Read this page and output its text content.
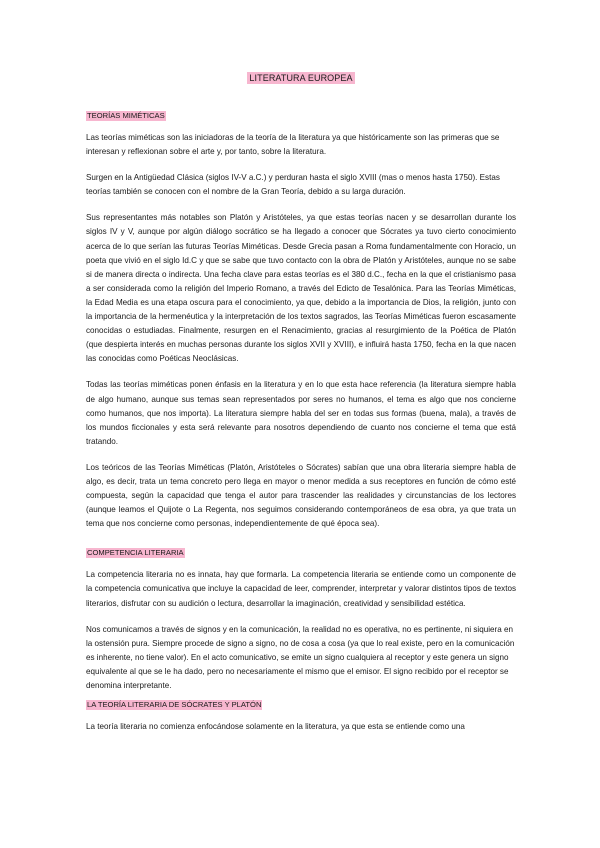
LITERATURA EUROPEA
TEORÍAS MIMÉTICAS

Las teorías miméticas son las iniciadoras de la teoría de la literatura ya que históricamente son las primeras que se interesan y reflexionan sobre el arte y, por tanto, sobre la literatura.

Surgen en la Antigüedad Clásica (siglos IV-V a.C.) y perduran hasta el siglo XVIII (mas o menos hasta 1750). Estas teorías también se conocen con el nombre de la Gran Teoría, debido a su larga duración.

Sus representantes más notables son Platón y Aristóteles, ya que estas teorías nacen y se desarrollan durante los siglos IV y V, aunque por algún diálogo socrático se ha llegado a conocer que Sócrates ya tuvo cierto conocimiento acerca de lo que serían las futuras Teorías Miméticas. Desde Grecia pasan a Roma fundamentalmente con Horacio, un poeta que vivió en el siglo Id.C y que se sabe que tuvo contacto con la obra de Platón y Aristóteles, aunque no se sabe si de manera directa o indirecta. Una fecha clave para estas teorías es el 380 d.C., fecha en la que el cristianismo pasa a ser considerada como la religión del Imperio Romano, a través del Edicto de Tesalónica. Para las Teorías Miméticas, la Edad Media es una etapa oscura para el conocimiento, ya que, debido a la importancia de Dios, la religión, junto con la importancia de la hermenéutica y la interpretación de los textos sagrados, las Teorías Miméticas fueron escasamente conocidas o estudiadas. Finalmente, resurgen en el Renacimiento, gracias al resurgimiento de la Poética de Platón (que despierta interés en muchas personas durante los siglos XVII y XVIII), e influirá hasta 1750, fecha en la que nacen las conocidas como Poéticas Neoclásicas.

Todas las teorías miméticas ponen énfasis en la literatura y en lo que esta hace referencia (la literatura siempre habla de algo humano, aunque sus temas sean representados por seres no humanos, el tema es algo que nos concierne como humanos, que nos importa). La literatura siempre habla del ser en todas sus formas (buena, mala), a través de los mundos ficcionales y esta será relevante para nosotros dependiendo de cuanto nos concierne el tema que está tratando.

Los teóricos de las Teorías Miméticas (Platón, Aristóteles o Sócrates) sabían que una obra literaria siempre habla de algo, es decir, trata un tema concreto pero llega en mayor o menor medida a sus receptores en función de cómo esté compuesta, según la capacidad que tenga el autor para trascender las realidades y circunstancias de los lectores (aunque leamos el Quijote o La Regenta, nos seguimos considerando contemporáneos de esa obra, ya que trata un tema que nos concierne como personas, independientemente de qué época sea).

COMPETENCIA LITERARIA

La competencia literaria no es innata, hay que formarla. La competencia literaria se entiende como un componente de la competencia comunicativa que incluye la capacidad de leer, comprender, interpretar y valorar distintos tipos de textos literarios, disfrutar con su audición o lectura, desarrollar la imaginación, creatividad y sensibilidad estética.

Nos comunicamos a través de signos y en la comunicación, la realidad no es operativa, no es pertinente, ni siquiera en la ostensión pura. Siempre procede de signo a signo, no de cosa a cosa (ya que lo real existe, pero en la comunicación es inherente, no tiene valor). En el acto comunicativo, se emite un signo cualquiera al receptor y este genera un signo equivalente al que se le ha dado, pero no necesariamente el mismo que el emisor. El signo recibido por el receptor se denomina interpretante.

LA TEORÍA LITERARIA DE SÓCRATES Y PLATÓN

La teoría literaria no comienza enfocándose solamente en la literatura, ya que esta se entiende como una
